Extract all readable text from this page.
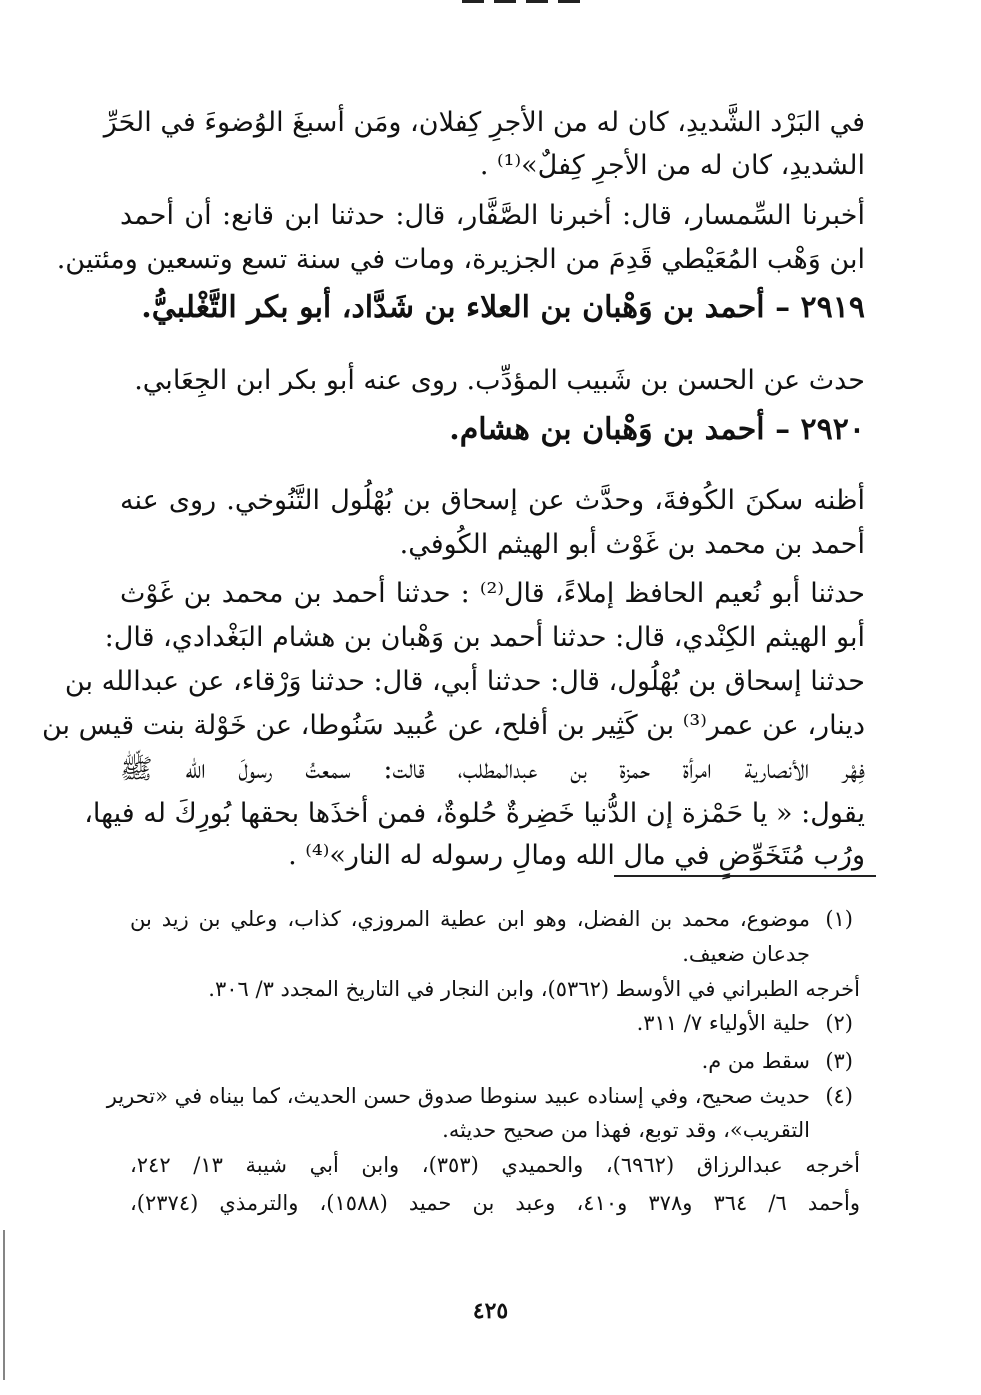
في البَرْد الشَّديدِ، كان له من الأجرِ كِفلان، ومَن أسبغَ الوُضوءَ في الحَرِّ
الشديدِ، كان له من الأجرِ كِفلٌ»⁽¹⁾ .
أخبرنا السِّمسار، قال: أخبرنا الصَّفَّار، قال: حدثنا ابن قانع: أن أحمد
ابن وَهْب المُعَيْطي قَدِمَ من الجزيرة، ومات في سنة تسع وتسعين ومئتين.
٢٩١٩ – أحمد بن وَهْبان بن العلاء بن شَدَّاد، أبو بكر التَّغْلبيُّ.
حدث عن الحسن بن شَبيب المؤدِّب. روى عنه أبو بكر ابن الجِعَابي.
٢٩٢٠ – أحمد بن وَهْبان بن هشام.
أظنه سكنَ الكُوفةَ، وحدَّث عن إسحاق بن بُهْلُول التَّنُوخي. روى عنه
أحمد بن محمد بن غَوْث أبو الهيثم الكُوفي.
حدثنا أبو نُعيم الحافظ إملاءً، قال⁽²⁾ : حدثنا أحمد بن محمد بن غَوْث
أبو الهيثم الكِنْدي، قال: حدثنا أحمد بن وَهْبان بن هشام البَغْدادي، قال:
حدثنا إسحاق بن بُهْلُول، قال: حدثنا أبي، قال: حدثنا وَرْقاء، عن عبدالله بن
دينار، عن عمر⁽³⁾ بن كَثِير بن أفلح، عن عُبيد سَنُوطا، عن خَوْلة بنت قيس بن
فِهْر الأنصارية امرأة حمزة بن عبدالمطلب، قالت: سمعتُ رسولَ الله ﷺ
يقول: « يا حَمْزة إن الدُّنيا خَضِرةٌ حُلوةٌ، فمن أخذَها بحقها بُورِكَ له فيها،
ورُب مُتَخَوِّضٍ في مال الله ومالِ رسوله له النار»⁽⁴⁾ .
(١)
موضوع، محمد بن الفضل، وهو ابن عطية المروزي، كذاب، وعلي بن زيد بن
جدعان ضعيف.
أخرجه الطبراني في الأوسط (٥٣٦٢)، وابن النجار في التاريخ المجدد ٣/ ٣٠٦.
(٢)
حلية الأولياء ٧/ ٣١١.
(٣)
سقط من م.
(٤)
حديث صحيح، وفي إسناده عبيد سنوطا صدوق حسن الحديث، كما بيناه في «تحرير
التقريب»، وقد توبع، فهذا من صحيح حديثه.
أخرجه عبدالرزاق (٦٩٦٢)، والحميدي (٣٥٣)، وابن أبي شيبة ١٣/ ٢٤٢،
وأحمد ٦/ ٣٦٤ و٣٧٨ و٤١٠، وعبد بن حميد (١٥٨٨)، والترمذي (٢٣٧٤)،
٤٢٥
